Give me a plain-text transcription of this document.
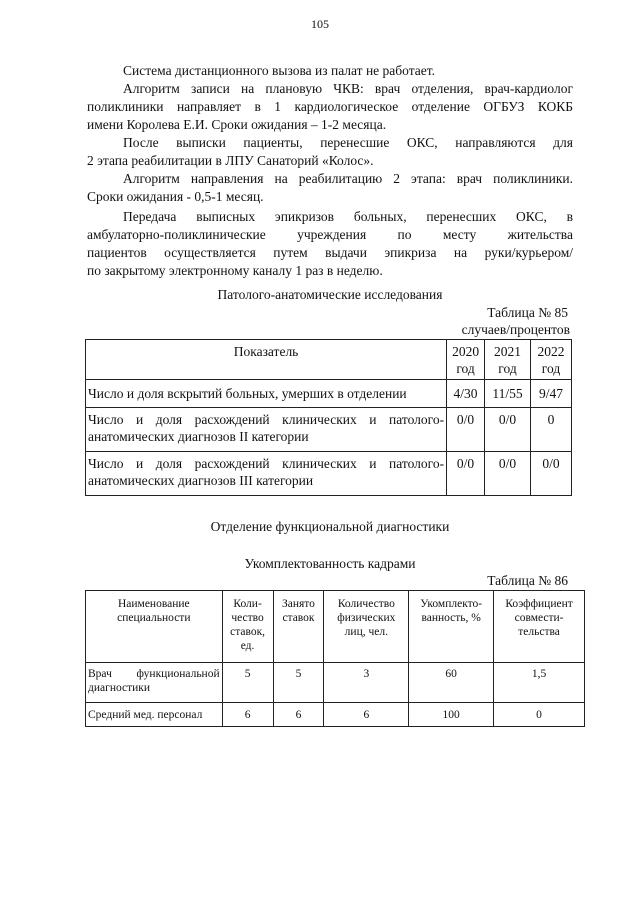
105

Система дистанционного вызова из палат не работает.

Алгоритм записи на плановую ЧКВ: врач отделения, врач-кардиолог
поликлиники направляет в 1 кардиологическое отделение ОГБУЗ КОКБ
имени Королева Е.И. Сроки ожидания – 1-2 месяца.

После выписки пациенты, перенесшие ОКС, направляются для
2 этапа реабилитации в ЛПУ Санаторий «Колос».

Алгоритм направления на реабилитацию 2 этапа: врач поликлиники.
Сроки ожидания - 0,5-1 месяц.

Передача выписных эпикризов больных, перенесших ОКС, в
амбулаторно-поликлинические учреждения по месту жительства
пациентов осуществляется путем выдачи эпикриза на руки/курьером/
по закрытому электронному каналу 1 раз в неделю.

Патолого-анатомические исследования
Таблица № 85
случаев/процентов
Показатель	2020 год	2021 год	2022 год
Число и доля вскрытий больных, умерших в отделении	4/30	11/55	9/47
Число и доля расхождений клинических и патолого-анатомических диагнозов II категории	0/0	0/0	0
Число и доля расхождений клинических и патолого-анатомических диагнозов III категории	0/0	0/0	0/0
Отделение функциональной диагностики
Укомплектованность кадрами
Таблица № 86
Наименование специальности	Коли-чество ставок, ед.	Занято ставок	Количество физических лиц, чел.	Укомплекто-ванность, %	Коэффициент совмести-тельства
Врач функциональной диагностики	5	5	3	60	1,5
Средний мед. персонал	6	6	6	100	0
